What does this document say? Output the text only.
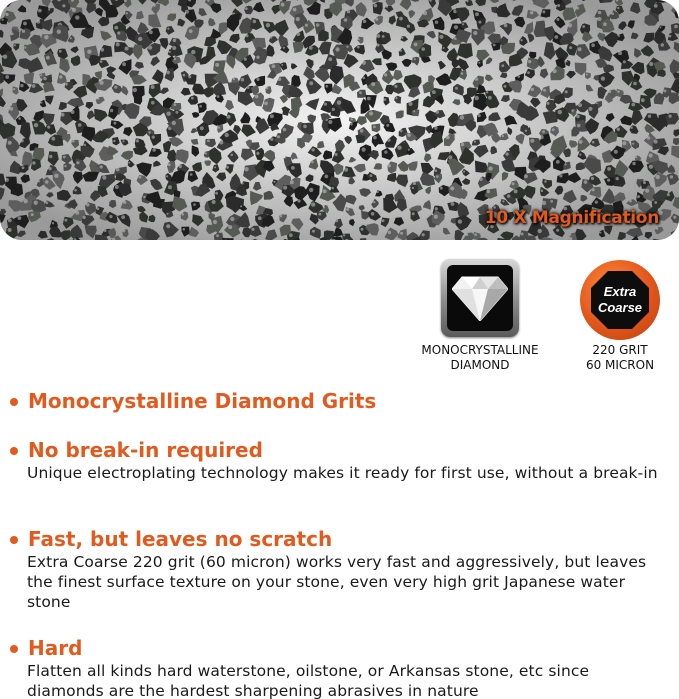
10 X Magnification
MONOCRYSTALLINE
DIAMOND
Extra
Coarse
220 GRIT
60 MICRON
Monocrystalline Diamond Grits
No break-in required
Unique electroplating technology makes it ready for first use, without a break-in
Fast, but leaves no scratch
Extra Coarse 220 grit (60 micron) works very fast and aggressively, but leaves the finest surface texture on your stone, even very high grit Japanese water stone
Hard
Flatten all kinds hard waterstone, oilstone, or Arkansas stone, etc since diamonds are the hardest sharpening abrasives in nature
